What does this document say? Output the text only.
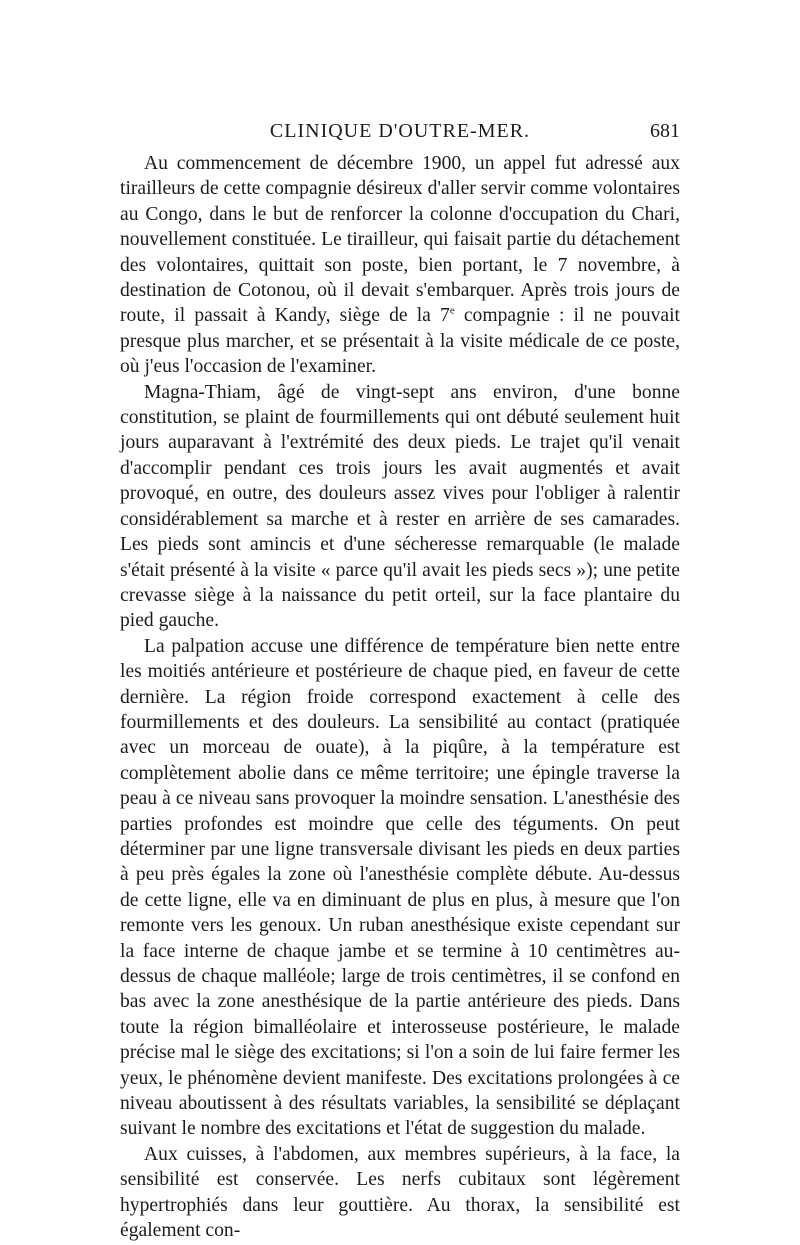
CLINIQUE D'OUTRE-MER.	681

Au commencement de décembre 1900, un appel fut adressé aux tirailleurs de cette compagnie désireux d'aller servir comme volontaires au Congo, dans le but de renforcer la colonne d'occupation du Chari, nouvellement constituée. Le tirailleur, qui faisait partie du détachement des volontaires, quittait son poste, bien portant, le 7 novembre, à destination de Cotonou, où il devait s'embarquer. Après trois jours de route, il passait à Kandy, siège de la 7e compagnie : il ne pouvait presque plus marcher, et se présentait à la visite médicale de ce poste, où j'eus l'occasion de l'examiner.

Magna-Thiam, âgé de vingt-sept ans environ, d'une bonne constitution, se plaint de fourmillements qui ont débuté seulement huit jours auparavant à l'extrémité des deux pieds. Le trajet qu'il venait d'accomplir pendant ces trois jours les avait augmentés et avait provoqué, en outre, des douleurs assez vives pour l'obliger à ralentir considérablement sa marche et à rester en arrière de ses camarades. Les pieds sont amincis et d'une sécheresse remarquable (le malade s'était présenté à la visite « parce qu'il avait les pieds secs »); une petite crevasse siège à la naissance du petit orteil, sur la face plantaire du pied gauche.

La palpation accuse une différence de température bien nette entre les moitiés antérieure et postérieure de chaque pied, en faveur de cette dernière. La région froide correspond exactement à celle des fourmillements et des douleurs. La sensibilité au contact (pratiquée avec un morceau de ouate), à la piqûre, à la température est complètement abolie dans ce même territoire; une épingle traverse la peau à ce niveau sans provoquer la moindre sensation. L'anesthésie des parties profondes est moindre que celle des téguments. On peut déterminer par une ligne transversale divisant les pieds en deux parties à peu près égales la zone où l'anesthésie complète débute. Au-dessus de cette ligne, elle va en diminuant de plus en plus, à mesure que l'on remonte vers les genoux. Un ruban anesthésique existe cependant sur la face interne de chaque jambe et se termine à 10 centimètres au-dessus de chaque malléole; large de trois centimètres, il se confond en bas avec la zone anesthésique de la partie antérieure des pieds. Dans toute la région bimalléolaire et interosseuse postérieure, le malade précise mal le siège des excitations; si l'on a soin de lui faire fermer les yeux, le phénomène devient manifeste. Des excitations prolongées à ce niveau aboutissent à des résultats variables, la sensibilité se déplaçant suivant le nombre des excitations et l'état de suggestion du malade.

Aux cuisses, à l'abdomen, aux membres supérieurs, à la face, la sensibilité est conservée. Les nerfs cubitaux sont légèrement hypertrophiés dans leur gouttière. Au thorax, la sensibilité est également con-
